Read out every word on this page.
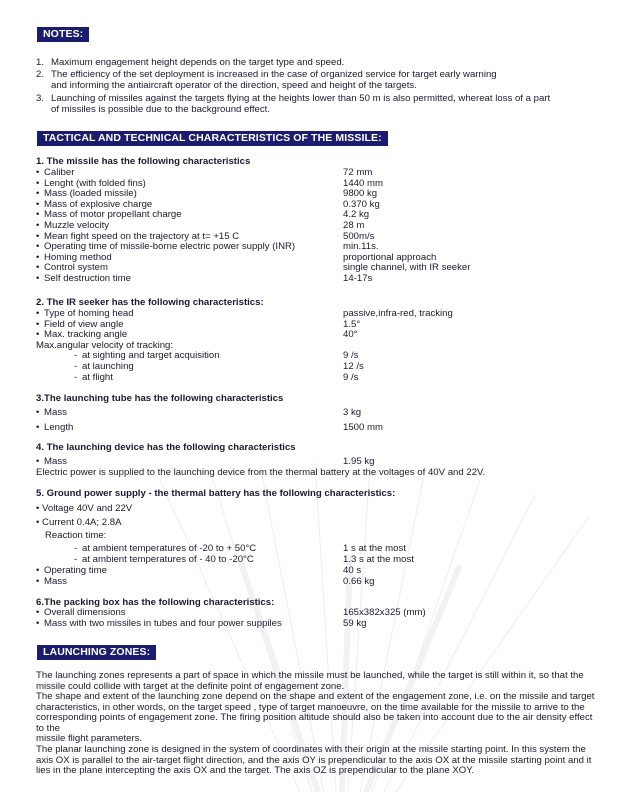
NOTES:
1. Maximum engagement height depends on the target type and speed.
2. The efficiency of the set deployment is increased in the case of organized service for target early warning
and informing the antiaircraft operator of the direction, speed and height of the targets.
3. Launching of missiles against the targets flying at the heights lower than 50 m is also permitted, whereat loss of a part
of missiles is possible due to the background effect.
TACTICAL AND TECHNICAL CHARACTERISTICS OF THE MISSILE:
1. The missile has the following characteristics
• Caliber	72 mm
• Lenght (with folded fins)	1440 mm
• Mass (loaded missile)	9800 kg
• Mass of explosive charge	0.370 kg
• Mass of motor propellant charge	4.2 kg
• Muzzle velocity	28 m
• Mean fight speed on the trajectory at t= +15 C	500m/s
• Operating time of missile-borne electric power supply (INR)	min.11s.
• Homing method	proportional approach
• Control system	single channel, with IR seeker
• Self destruction time	14-17s
2. The IR seeker has the following characteristics:
• Type of homing head	passive,infra-red, tracking
• Field of view angle	1.5°
• Max. tracking angle	40°
Max.angular velocity of tracking:
- at sighting and target acquisition	9 /s
- at launching	12 /s
- at flight	9 /s
3.The launching tube has the following characteristics
• Mass	3 kg
• Length	1500 mm
4. The launching device has the following characteristics
• Mass	1.95 kg
Electric power is supplied to the launching device from the thermal battery at the voltages of 40V and 22V.
5. Ground power supply - the thermal battery has the following characteristics:
• Voltage 40V and 22V
• Current 0.4A; 2.8A
Reaction time:
- at ambient temperatures of -20 to + 50°C	1 s at the most
- at ambient temperatures of - 40 to -20°C	1.3 s at the most
• Operating time	40 s
• Mass	0.66 kg
6.The packing box has the following characteristics:
• Overall dimensions	165x382x325 (mm)
• Mass with two missiles in tubes and four power suppiles	59 kg
LAUNCHING ZONES:
The launching zones represents a part of space in which the missile must be launched, while the target is still within it, so that the missile could collide with target at the definite point of engagement zone.
The shape and extent of the launching zone depend on the shape and extent of the engagement zone, i.e. on the missile and target characteristics, in other words, on the target speed , type of target manoeuvre, on the time available for the missile to arrive to the corresponding points of engagement zone. The firing position altitude should also be taken into account due to the air density effect to the
missile flight parameters.
The planar launching zone is designed in the system of coordinates with their origin at the missile starting point. In this system the axis OX is parallel to the air-target flight direction, and the axis OY is prependicular to the axis OX at the missile starting point and it lies in the plane intercepting the axis OX and the target. The axis OZ is prependicular to the plane XOY.
